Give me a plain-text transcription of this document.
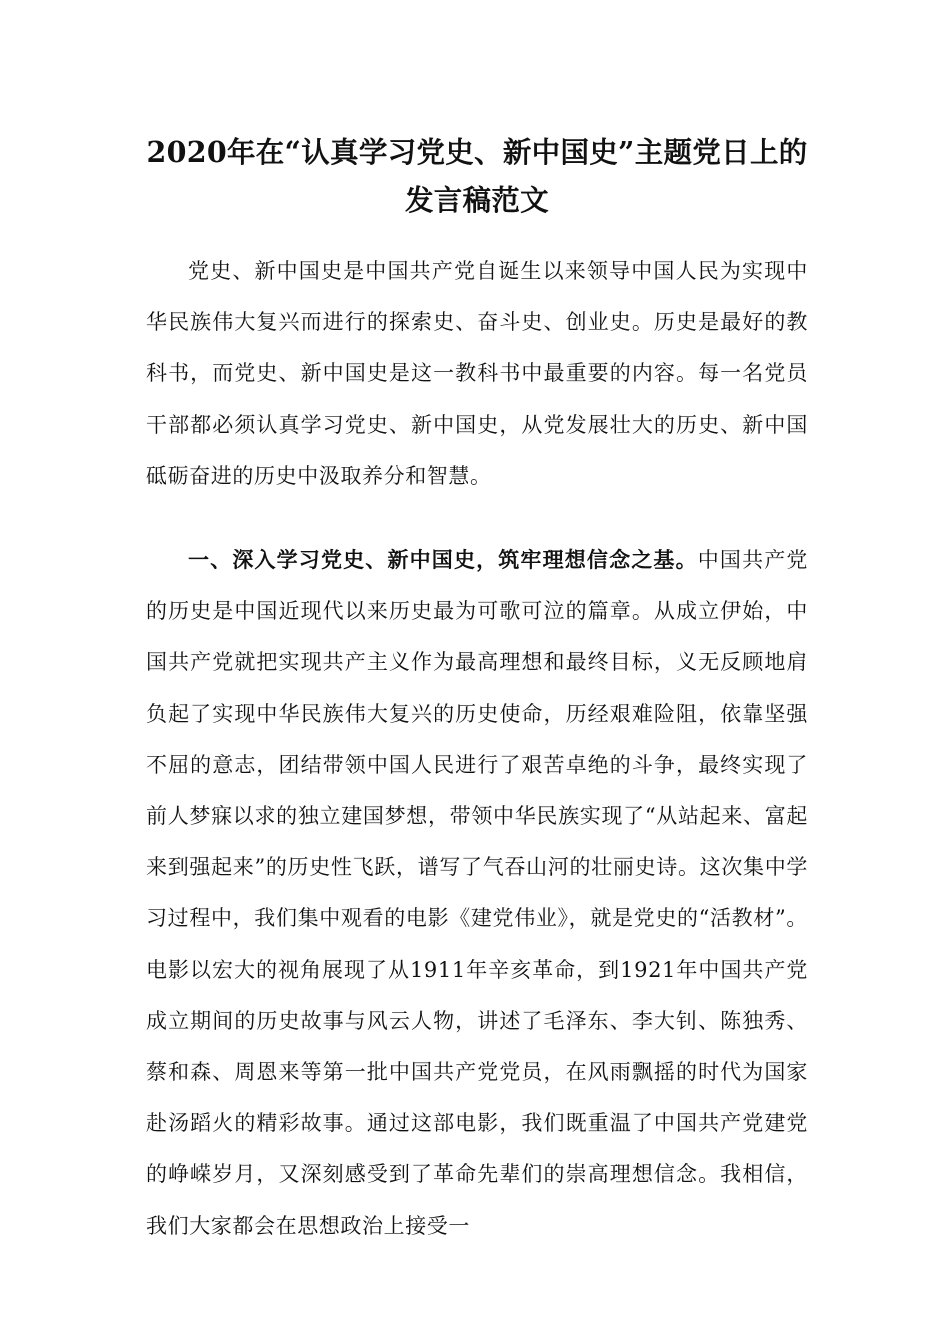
2020年在“认真学习党史、新中国史”主题党日上的发言稿范文

党史、新中国史是中国共产党自诞生以来领导中国人民为实现中华民族伟大复兴而进行的探索史、奋斗史、创业史。历史是最好的教科书，而党史、新中国史是这一教科书中最重要的内容。每一名党员干部都必须认真学习党史、新中国史，从党发展壮大的历史、新中国砥砺奋进的历史中汲取养分和智慧。

一、深入学习党史、新中国史，筑牢理想信念之基。中国共产党的历史是中国近现代以来历史最为可歌可泣的篇章。从成立伊始，中国共产党就把实现共产主义作为最高理想和最终目标，义无反顾地肩负起了实现中华民族伟大复兴的历史使命，历经艰难险阻，依靠坚强不屈的意志，团结带领中国人民进行了艰苦卓绝的斗争，最终实现了前人梦寐以求的独立建国梦想，带领中华民族实现了“从站起来、富起来到强起来”的历史性飞跃，谱写了气吞山河的壮丽史诗。这次集中学习过程中，我们集中观看的电影《建党伟业》，就是党史的“活教材”。电影以宏大的视角展现了从1911年辛亥革命，到1921年中国共产党成立期间的历史故事与风云人物，讲述了毛泽东、李大钊、陈独秀、蔡和森、周恩来等第一批中国共产党党员，在风雨飘摇的时代为国家赴汤蹈火的精彩故事。通过这部电影，我们既重温了中国共产党建党的峥嵘岁月，又深刻感受到了革命先辈们的崇高理想信念。我相信，我们大家都会在思想政治上接受一
